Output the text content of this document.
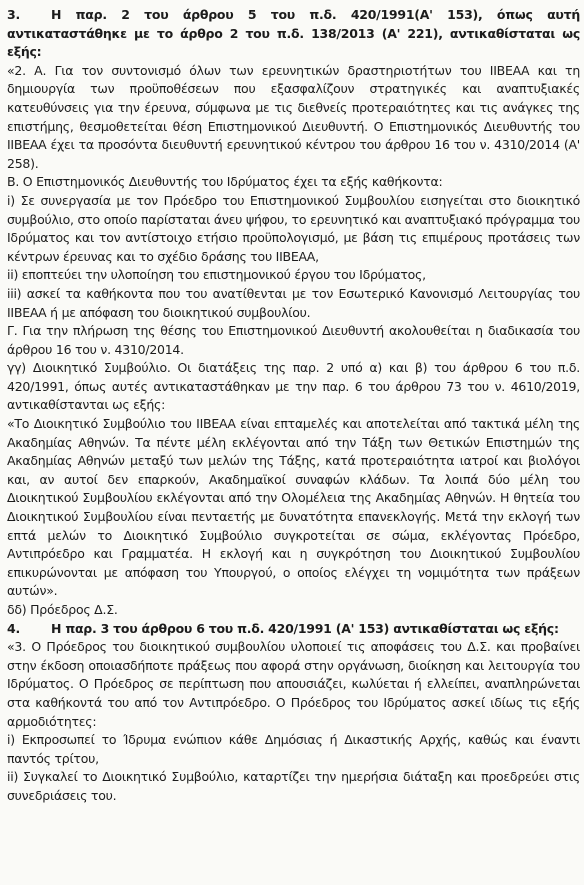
3. Η παρ. 2 του άρθρου 5 του π.δ. 420/1991(Α' 153), όπως αυτή αντικαταστάθηκε με το άρθρο 2 του π.δ. 138/2013 (Α' 221), αντικαθίσταται ως εξής:

«2. Α. Για τον συντονισμό όλων των ερευνητικών δραστηριοτήτων του ΙΙΒΕΑΑ και τη δημιουργία των προϋποθέσεων που εξασφαλίζουν στρατηγικές και αναπτυξιακές κατευθύνσεις για την έρευνα, σύμφωνα με τις διεθνείς προτεραιότητες και τις ανάγκες της επιστήμης, θεσμοθετείται θέση Επιστημονικού Διευθυντή. Ο Επιστημονικός Διευθυντής του ΙΙΒΕΑΑ έχει τα προσόντα διευθυντή ερευνητικού κέντρου του άρθρου 16 του ν. 4310/2014 (Α' 258).

Β. Ο Επιστημονικός Διευθυντής του Ιδρύματος έχει τα εξής καθήκοντα:

i) Σε συνεργασία με τον Πρόεδρο του Επιστημονικού Συμβουλίου εισηγείται στο διοικητικό συμβούλιο, στο οποίο παρίσταται άνευ ψήφου, το ερευνητικό και αναπτυξιακό πρόγραμμα του Ιδρύματος και τον αντίστοιχο ετήσιο προϋπολογισμό, με βάση τις επιμέρους προτάσεις των κέντρων έρευνας και το σχέδιο δράσης του ΙΙΒΕΑΑ,

ii) εποπτεύει την υλοποίηση του επιστημονικού έργου του Ιδρύματος,

iii) ασκεί τα καθήκοντα που του ανατίθενται με τον Εσωτερικό Κανονισμό Λειτουργίας του ΙΙΒΕΑΑ ή με απόφαση του διοικητικού συμβουλίου.

Γ. Για την πλήρωση της θέσης του Επιστημονικού Διευθυντή ακολουθείται η διαδικασία του άρθρου 16 του ν. 4310/2014.

γγ) Διοικητικό Συμβούλιο. Οι διατάξεις της παρ. 2 υπό α) και β) του άρθρου 6 του π.δ. 420/1991, όπως αυτές αντικαταστάθηκαν με την παρ. 6 του άρθρου 73 του ν. 4610/2019, αντικαθίστανται ως εξής:

«Το Διοικητικό Συμβούλιο του ΙΙΒΕΑΑ είναι επταμελές και αποτελείται από τακτικά μέλη της Ακαδημίας Αθηνών. Τα πέντε μέλη εκλέγονται από την Τάξη των Θετικών Επιστημών της Ακαδημίας Αθηνών μεταξύ των μελών της Τάξης, κατά προτεραιότητα ιατροί και βιολόγοι και, αν αυτοί δεν επαρκούν, Ακαδημαϊκοί συναφών κλάδων. Τα λοιπά δύο μέλη του Διοικητικού Συμβουλίου εκλέγονται από την Ολομέλεια της Ακαδημίας Αθηνών. Η θητεία του Διοικητικού Συμβουλίου είναι πενταετής με δυνατότητα επανεκλογής. Μετά την εκλογή των επτά μελών το Διοικητικό Συμβούλιο συγκροτείται σε σώμα, εκλέγοντας Πρόεδρο, Αντιπρόεδρο και Γραμματέα. Η εκλογή και η συγκρότηση του Διοικητικού Συμβουλίου επικυρώνονται με απόφαση του Υπουργού, ο οποίος ελέγχει τη νομιμότητα των πράξεων αυτών».

δδ) Πρόεδρος Δ.Σ.

4. Η παρ. 3 του άρθρου 6 του π.δ. 420/1991 (Α' 153) αντικαθίσταται ως εξής:

«3. Ο Πρόεδρος του διοικητικού συμβουλίου υλοποιεί τις αποφάσεις του Δ.Σ. και προβαίνει στην έκδοση οποιασδήποτε πράξεως που αφορά στην οργάνωση, διοίκηση και λειτουργία του Ιδρύματος. Ο Πρόεδρος σε περίπτωση που απουσιάζει, κωλύεται ή ελλείπει, αναπληρώνεται στα καθήκοντά του από τον Αντιπρόεδρο. Ο Πρόεδρος του Ιδρύματος ασκεί ιδίως τις εξής αρμοδιότητες:

i) Εκπροσωπεί το Ίδρυμα ενώπιον κάθε Δημόσιας ή Δικαστικής Αρχής, καθώς και έναντι παντός τρίτου,

ii) Συγκαλεί το Διοικητικό Συμβούλιο, καταρτίζει την ημερήσια διάταξη και προεδρεύει στις συνεδριάσεις του.
